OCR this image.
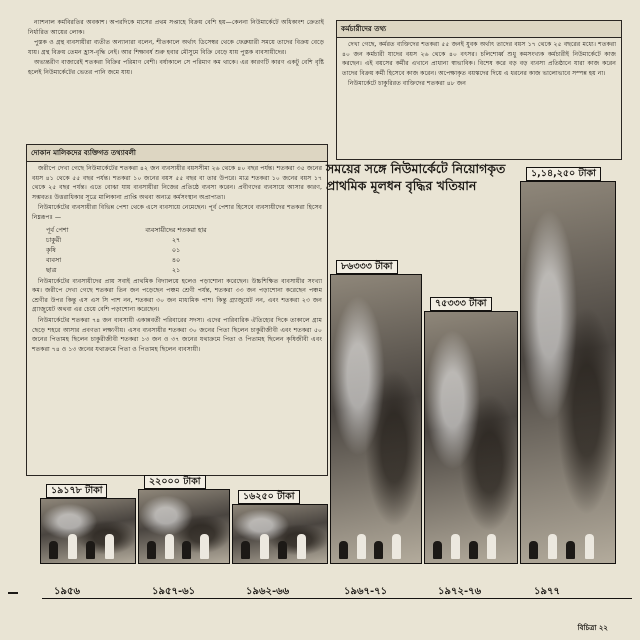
ন্যাশনাল কর্মবিরতির অবকাশ। অপরদিকে মাসের প্রথম সপ্তাহে বিক্রয় বেশি হয়—কেননা নিউমার্কেটে অধিকাংশ ক্রেতাই নির্ধারিত আয়ের লোক।

পুস্তক ও গ্রন্থ ব্যবসায়ীরা ব্যতীত অন্যান্যরা বলেন, শীতকালে অর্থাৎ ডিসেম্বর থেকে ফেব্রুয়ারী সময়ে তাদের বিক্রয় বেড়ে যায়। গ্রন্থ বিক্রয় তেমন হ্রাস-বৃদ্ধি নেই। আর শিক্ষাবর্ষ শুরু হবার মৌসুমে বিক্রি বেড়ে যায় পুস্তক ব্যবসায়ীদের।

অভ্যন্তরীণ বাজারেই শতকরা বিক্রির পরিমাণ বেশী। বর্ষাকালে সে পরিমাণ কম থাকে। এর কারণটি কারণ একটু বেশি বৃষ্টি হলেই নিউমার্কেটের ভেতর পানি জমে যায়।

দোকান মালিকদের ব্যক্তিগত তথ্যাবলী

জরীপে দেখা গেছে নিউমার্কেটের শতকরা ৪২ জন ব্যবসায়ীর বয়সসীমা ২৬ থেকে ৪০ বছর পর্যন্ত। শতকরা ৩৫ জনের বয়স ৪১ থেকে ৫৫ বছর পর্যন্ত। শতকরা ১০ জনের বয়স ৫৫ বছর বা তার উপরে। মাত্র শতকরা ১০ জনের বয়স ১৭ থেকে ২৫ বছর পর্যন্ত। এতে বোঝা যায় ব্যবসায়ীরা নিজের প্রতিষ্ঠে ব্যবসা করেন। প্রবীণদের ব্যবসায়ে আসার কারণ, সম্ভবতঃ উত্তরাধিকার সূত্রে মালিকানা প্রাপ্তি অথবা অন্যত্র কর্মসংস্থান অপ্রাপ্যতা।

নিউমার্কেটের ব্যবসায়ীরা বিভিন্ন পেশা থেকে এসে ব্যবসায়ে নেমেছেন। পূর্ব পেশার হিসেবে ব্যবসায়ীদের শতকরা হিসেব নিম্নরূপঃ —

পূর্ব পেশা	ব্যবসায়ীদের শতকরা হার
চাকুরী	২৭
কৃষি	০১
ব্যবসা	৪০
ছাত্র	২১

নিউমার্কেটের ব্যবসায়ীদের প্রায় সবাই প্রাথমিক বিদ্যালয়ে হলেও পড়াশোনা করেছেন। উচ্চশিক্ষিত ব্যবসায়ীর সংখ্যা কম। জরীপে দেখা গেছে শতকরা তিন জন পড়েছেন পঞ্চম শ্রেণী পর্যন্ত, শতকরা ৩৩ জন পড়াশোনা করেছেন পঞ্চম শ্রেণীর উপর কিন্তু এস এস সি পাশ নন, শতকরা ৩০ জন মাধ্যমিক পাশ। কিন্তু গ্র্যাজুয়েট নন, এবং শতকরা ২৩ জন গ্র্যাজুয়েট অথবা এর চেয়ে বেশি পড়াশোনা করেছেন।

নিউমার্কেটের শতকরা ৭৪ জন ব্যবসায়ী একান্নবর্তী পরিবারের সদস্য। এদের পারিবারিক ঐতিহ্যের দিকে তাকালে গ্রাম ছেড়ে শহরে আসার প্রবণতা লক্ষ্যণীয়। এসব ব্যবসায়ীর শতকরা ৩০ জনের পিতা ছিলেন চাকুরীজীবী এবং শতকরা ৫০ জনের পিতামহ ছিলেন চাকুরীজীবী শতকরা ১৩ জন ও ৩৭ জনের যথাক্রমে পিতা ও পিতামহ ছিলেন কৃষিজীবী এবং শতকরা ৭৪ ও ১৩ জনের যথাক্রমে পিতা ও পিতামহ ছিলেন ব্যবসায়ী।

কর্মচারীদের তথ্য

দেখা গেছে, কর্মরত ব্যক্তিদের শতকরা ৫৫ জনই যুবক অর্থাৎ তাদের বয়স ১৭ থেকে ২৫ বছরের মধ্যে। শতকরা ৪০ জন কর্মচারী যাদের বয়স ২৬ থেকে ৪০ বৎসর। চলিশোর্ধ্ব শুধু কমসংখ্যক কর্মচারীই নিউমার্কেটে কাজ করছেন। এই বয়সের কর্মীর এখানে প্রাধান্য স্বাভাবিক। বিশেষ করে বড় বড় ব্যবসা প্রতিষ্ঠানে যারা কাজ করেন তাদের বিক্রয় কর্মী হিসেবে কাজ করেন। অপেক্ষাকৃত বয়স্কদের দিয়ে এ ধরনের কাজ ভালোভাবে সম্পন্ন হয় না।

নিউমার্কেটে চাকুরিরত বাক্তিদের শতকরা ৪৮ জন

সময়ের সঙ্গে নিউমার্কেটে নিয়োগকৃত প্রাথমিক মূলধন বৃদ্ধির খতিয়ান
১৯১৭৮ টাকা
২২০০০ টাকা
১৬২৫০ টাকা
৮৬৩৩৩ টাকা
৭৫৩৩৩ টাকা
১,১৪,২৫০ টাকা
১৯৫৬	১৯৫৭-৬১	১৯৬২-৬৬	১৯৬৭-৭১	১৯৭২-৭৬	১৯৭৭
বিচিত্রা ২২
